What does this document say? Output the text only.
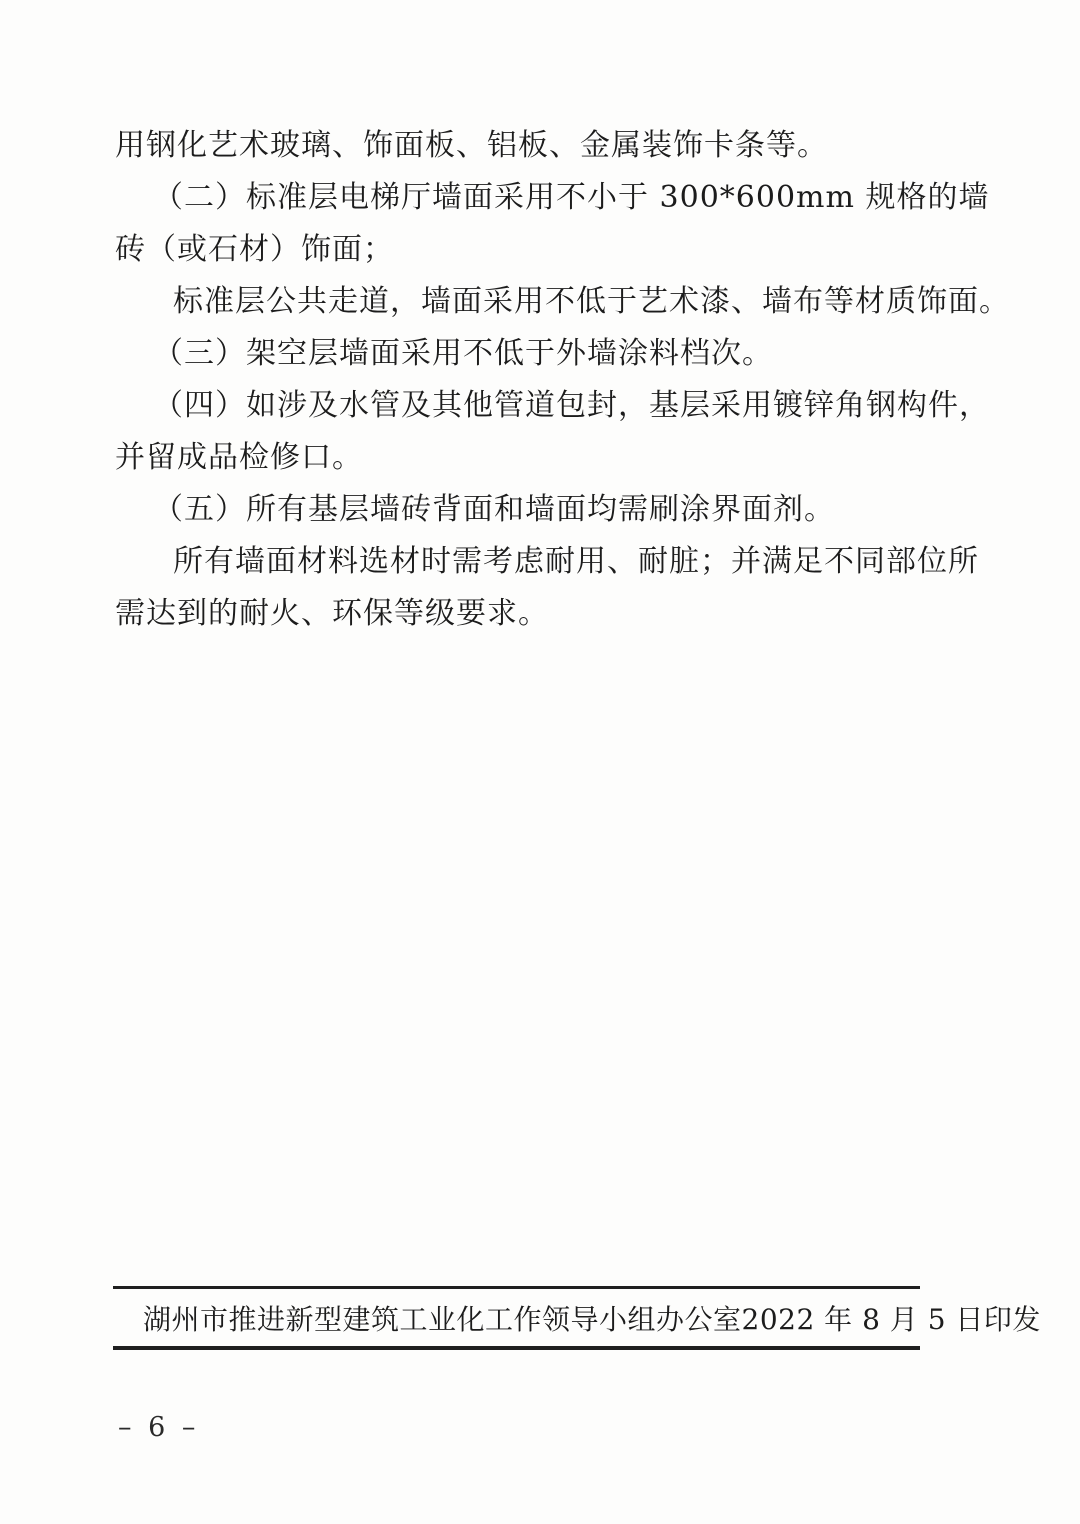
用钢化艺术玻璃、饰面板、铝板、金属装饰卡条等。
（二）标准层电梯厅墙面采用不小于 300*600mm 规格的墙
砖（或石材）饰面；
标准层公共走道，墙面采用不低于艺术漆、墙布等材质饰面。
（三）架空层墙面采用不低于外墙涂料档次。
（四）如涉及水管及其他管道包封，基层采用镀锌角钢构件，
并留成品检修口。
（五）所有基层墙砖背面和墙面均需刷涂界面剂。
所有墙面材料选材时需考虑耐用、耐脏；并满足不同部位所
需达到的耐火、环保等级要求。
湖州市推进新型建筑工业化工作领导小组办公室 2022 年 8 月 5 日印发
– 6 –
